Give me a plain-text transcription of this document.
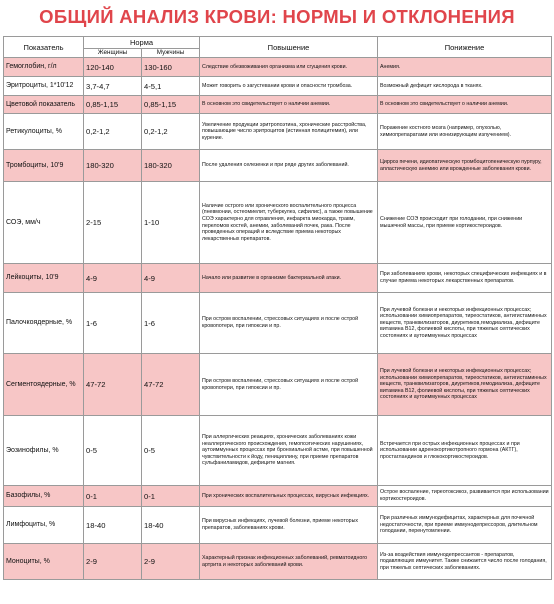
ОБЩИЙ АНАЛИЗ КРОВИ: НОРМЫ И ОТКЛОНЕНИЯ
Показатель	Норма		Повышение	Понижение
	Женщины	Мужчины		
Гемоглобин, г/л	120-140	130-160	Следствие обезвоживания организма или сгущения крови.	Анемия.
Эритроциты, 1*10'12	3,7-4,7	4-5,1	Может говорить о загустевании крови и опасности тромбоза.	Возможный дефицит кислорода в тканях.
Цветовой показатель	0,85-1,15	0,85-1,15	В основном это свидетельствует о наличии анемии.	В основном это свидетельствует о наличии анемии.
Ретикулоциты, %	0,2-1,2	0,2-1,2	Увеличение продукции эритропоэтина, хронические расстройства, повышающие число эритроцитов (истинная полицитемия), или курение.	Поражение костного мозга (например, опухолью, химиопрепаратами или ионизирующим излучением).
Тромбоциты, 10'9	180-320	180-320	После удаления селезенки и при ряде других заболеваний.	Цирроз печени, идиопатическую тромбоцитопеническую пурпуру, апластическую анемию или врожденные заболевания крови.
СОЭ, мм/ч	2-15	1-10	Наличие острого или хронического воспалительного процесса (пневмонии, остеомиелит, туберкулез, сифилис), а также повышение СОЭ характерно для отравления, инфаркта миокарда, травм, переломов костей, анемии, заболеваний почек, рака. После проведенных операций и вследствие приема некоторых лекарственных препаратов.	Снижение СОЭ происходит при голодании, при снижении мышечной массы, при приеме кортикостероидов.
Лейкоциты, 10'9	4-9	4-9	Начало или развитие в организме бактериальной атаки.	При заболеваниях крови, некоторых специфических инфекциях и в случае приема некоторых лекарственных препаратов.
Палочкоядерные, %	1-6	1-6	При остром воспалении, стрессовых ситуациях и после острой кровопотери, при гипоксии и пр.	При лучевой болезни и некоторых инфекционных процессах; использовании химиопрепаратов, тиреостатиков, антигистаминных веществ, транквилизаторов, диуретиков,гемодиализа, дефиците витамина В12, фолиевой кислоты, при тяжелых септических состояниях и аутоиммунных процессах
Сегментоядерные, %	47-72	47-72	При остром воспалении, стрессовых ситуациях и после острой кровопотери, при гипоксии и пр.	При лучевой болезни и некоторых инфекционных процессах; использовании химиопрепаратов, тиреостатиков, антигистаминных веществ, транквилизаторов, диуретиков,гемодиализа, дефиците витамина В12, фолиевой кислоты, при тяжелых септических состояниях и аутоиммунных процессах
Эозинофилы, %	0-5	0-5	При аллергических реакциях, хронических заболеваниях кожи неаллергического происхождения, гемопоэтических нарушениях, аутоиммунных процессах при бронхиальной астме, при повышенной чувствительности к йоду, пенициллину, при приеме препаратов сульфаниламидов, дефиците магния.	Встречается при острых инфекционных процессах и при использовании адренокортикотропного гормона (АКТГ), простагландинов и глюкокортикостероидов.
Базофилы, %	0-1	0-1	При хронических воспалительных процессах, вирусных инфекциях.	Острое воспаление, тиреотоксикоз, развивается при использовании кортикостероидов.
Лимфоциты, %	18-40	18-40	При вирусных инфекциях, лучевой болезни, приеме некоторых препаратов, заболеваниях крови.	При различных иммунодефицитах, характерных для почечной недостаточности, при приеме иммунодепрессоров, длительном голодании, перенутомлении.
Моноциты, %	2-9	2-9	Характерный признак инфекционных заболеваний, ревматоидного артрита и некоторых заболеваний крови.	Из-за воздействия иммунодепрессантов - препаратов, подавляющих иммунитет. Также снижается число после голодания, при тяжелых септических заболеваниях.
